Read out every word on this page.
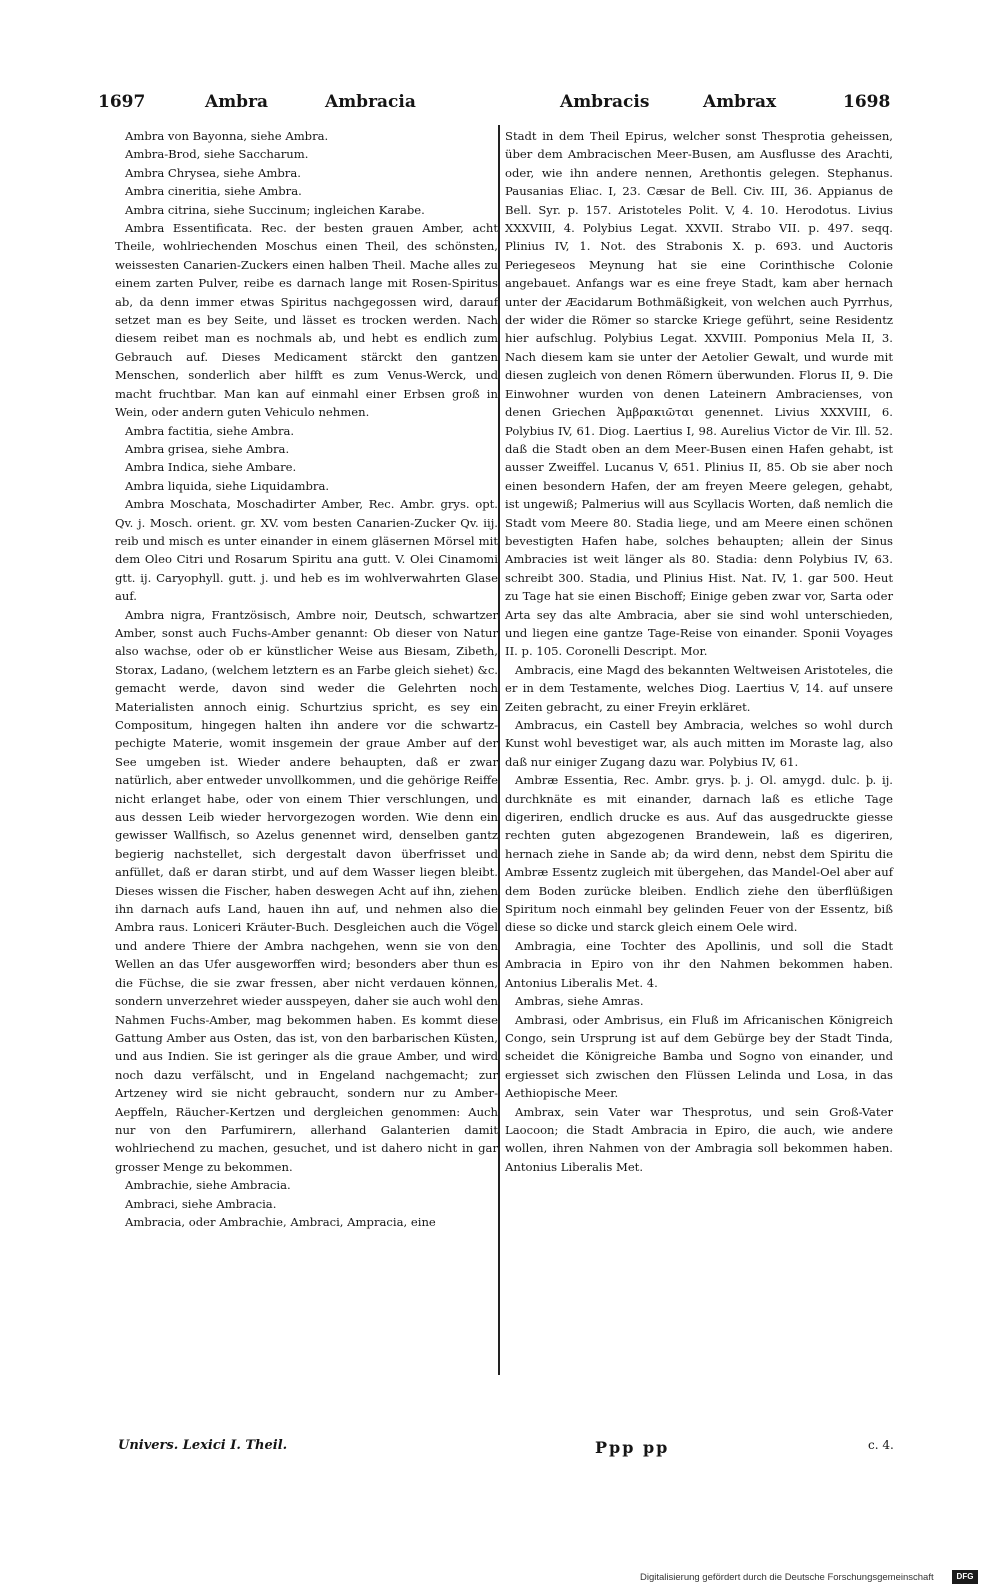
1697	Ambra	Ambracia	Ambracis	Ambrax	1698

Ambra von Bayonna, siehe Ambra.

Ambra-Brod, siehe Saccharum.

Ambra Chrysea, siehe Ambra.

Ambra cineritia, siehe Ambra.

Ambra citrina, siehe Succinum; ingleichen Karabe.

Ambra Essentificata. Rec. der besten grauen Amber, acht Theile, wohlriechenden Moschus einen Theil, des schönsten, weissesten Canarien-Zuckers einen halben Theil. Mache alles zu einem zarten Pulver, reibe es darnach lange mit Rosen-Spiritus ab, da denn immer etwas Spiritus nachgegossen wird, darauf setzet man es bey Seite, und lässet es trocken werden. Nach diesem reibet man es nochmals ab, und hebt es endlich zum Gebrauch auf. Dieses Medicament stärckt den gantzen Menschen, sonderlich aber hilfft es zum Venus-Werck, und macht fruchtbar. Man kan auf einmahl einer Erbsen groß in Wein, oder andern guten Vehiculo nehmen.

Ambra factitia, siehe Ambra.

Ambra grisea, siehe Ambra.

Ambra Indica, siehe Ambare.

Ambra liquida, siehe Liquidambra.

Ambra Moschata, Moschadirter Amber, Rec. Ambr. grys. opt. Qv. j. Mosch. orient. gr. XV. vom besten Canarien-Zucker Qv. iij. reib und misch es unter einander in einem gläsernen Mörsel mit dem Oleo Citri und Rosarum Spiritu ana gutt. V. Olei Cinamomi gtt. ij. Caryophyll. gutt. j. und heb es im wohlverwahrten Glase auf.

Ambra nigra, Frantzösisch, Ambre noir, Deutsch, schwartzer Amber, sonst auch Fuchs-Amber genannt: Ob dieser von Natur also wachse, oder ob er künstlicher Weise aus Biesam, Zibeth, Storax, Ladano, (welchem letztern es an Farbe gleich siehet) &c. gemacht werde, davon sind weder die Gelehrten noch Materialisten annoch einig. Schurtzius spricht, es sey ein Compositum, hingegen halten ihn andere vor die schwartz-pechigte Materie, womit insgemein der graue Amber auf der See umgeben ist. Wieder andere behaupten, daß er zwar natürlich, aber entweder unvollkommen, und die gehörige Reiffe nicht erlanget habe, oder von einem Thier verschlungen, und aus dessen Leib wieder hervorgezogen worden. Wie denn ein gewisser Wallfisch, so Azelus genennet wird, denselben gantz begierig nachstellet, sich dergestalt davon überfrisset und anfüllet, daß er daran stirbt, und auf dem Wasser liegen bleibt. Dieses wissen die Fischer, haben deswegen Acht auf ihn, ziehen ihn darnach aufs Land, hauen ihn auf, und nehmen also die Ambra raus. Loniceri Kräuter-Buch. Desgleichen auch die Vögel und andere Thiere der Ambra nachgehen, wenn sie von den Wellen an das Ufer ausgeworffen wird; besonders aber thun es die Füchse, die sie zwar fressen, aber nicht verdauen können, sondern unverzehret wieder ausspeyen, daher sie auch wohl den Nahmen Fuchs-Amber, mag bekommen haben. Es kommt diese Gattung Amber aus Osten, das ist, von den barbarischen Küsten, und aus Indien. Sie ist geringer als die graue Amber, und wird noch dazu verfälscht, und in Engeland nachgemacht; zur Artzeney wird sie nicht gebraucht, sondern nur zu Amber-Aepffeln, Räucher-Kertzen und dergleichen genommen: Auch nur von den Parfumirern, allerhand Galanterien damit wohlriechend zu machen, gesuchet, und ist dahero nicht in gar grosser Menge zu bekommen.

Ambrachie, siehe Ambracia.

Ambraci, siehe Ambracia.

Ambracia, oder Ambrachie, Ambraci, Ampracia, eine

Stadt in dem Theil Epirus, welcher sonst Thesprotia geheissen, über dem Ambracischen Meer-Busen, am Ausflusse des Arachti, oder, wie ihn andere nennen, Arethontis gelegen. Stephanus. Pausanias Eliac. I, 23. Cæsar de Bell. Civ. III, 36. Appianus de Bell. Syr. p. 157. Aristoteles Polit. V, 4. 10. Herodotus. Livius XXXVIII, 4. Polybius Legat. XXVII. Strabo VII. p. 497. seqq. Plinius IV, 1. Not. des Strabonis X. p. 693. und Auctoris Periegeseos Meynung hat sie eine Corinthische Colonie angebauet. Anfangs war es eine freye Stadt, kam aber hernach unter der Æacidarum Bothmäßigkeit, von welchen auch Pyrrhus, der wider die Römer so starcke Kriege geführt, seine Residentz hier aufschlug. Polybius Legat. XXVIII. Pomponius Mela II, 3. Nach diesem kam sie unter der Aetolier Gewalt, und wurde mit diesen zugleich von denen Römern überwunden. Florus II, 9. Die Einwohner wurden von denen Lateinern Ambracienses, von denen Griechen Ἀμβρακιῶται genennet. Livius XXXVIII, 6. Polybius IV, 61. Diog. Laertius I, 98. Aurelius Victor de Vir. Ill. 52. daß die Stadt oben an dem Meer-Busen einen Hafen gehabt, ist ausser Zweiffel. Lucanus V, 651. Plinius II, 85. Ob sie aber noch einen besondern Hafen, der am freyen Meere gelegen, gehabt, ist ungewiß; Palmerius will aus Scyllacis Worten, daß nemlich die Stadt vom Meere 80. Stadia liege, und am Meere einen schönen bevestigten Hafen habe, solches behaupten; allein der Sinus Ambracies ist weit länger als 80. Stadia: denn Polybius IV, 63. schreibt 300. Stadia, und Plinius Hist. Nat. IV, 1. gar 500. Heut zu Tage hat sie einen Bischoff; Einige geben zwar vor, Sarta oder Arta sey das alte Ambracia, aber sie sind wohl unterschieden, und liegen eine gantze Tage-Reise von einander. Sponii Voyages II. p. 105. Coronelli Descript. Mor.

Ambracis, eine Magd des bekannten Weltweisen Aristoteles, die er in dem Testamente, welches Diog. Laertius V, 14. auf unsere Zeiten gebracht, zu einer Freyin erkläret.

Ambracus, ein Castell bey Ambracia, welches so wohl durch Kunst wohl bevestiget war, als auch mitten im Moraste lag, also daß nur einiger Zugang dazu war. Polybius IV, 61.

Ambræ Essentia, Rec. Ambr. grys. þ. j. Ol. amygd. dulc. þ. ij. durchknäte es mit einander, darnach laß es etliche Tage digeriren, endlich drucke es aus. Auf das ausgedruckte giesse rechten guten abgezogenen Brandewein, laß es digeriren, hernach ziehe in Sande ab; da wird denn, nebst dem Spiritu die Ambræ Essentz zugleich mit übergehen, das Mandel-Oel aber auf dem Boden zurücke bleiben. Endlich ziehe den überflüßigen Spiritum noch einmahl bey gelinden Feuer von der Essentz, biß diese so dicke und starck gleich einem Oele wird.

Ambragia, eine Tochter des Apollinis, und soll die Stadt Ambracia in Epiro von ihr den Nahmen bekommen haben. Antonius Liberalis Met. 4.

Ambras, siehe Amras.

Ambrasi, oder Ambrisus, ein Fluß im Africanischen Königreich Congo, sein Ursprung ist auf dem Gebürge bey der Stadt Tinda, scheidet die Königreiche Bamba und Sogno von einander, und ergiesset sich zwischen den Flüssen Lelinda und Losa, in das Aethiopische Meer.

Ambrax, sein Vater war Thesprotus, und sein Groß-Vater Laocoon; die Stadt Ambracia in Epiro, die auch, wie andere wollen, ihren Nahmen von der Ambragia soll bekommen haben. Antonius Liberalis Met.

Univers. Lexici I. Theil.	Ppp pp	c. 4.
Digitalisierung gefördert durch die Deutsche Forschungsgemeinschaft	DFG
